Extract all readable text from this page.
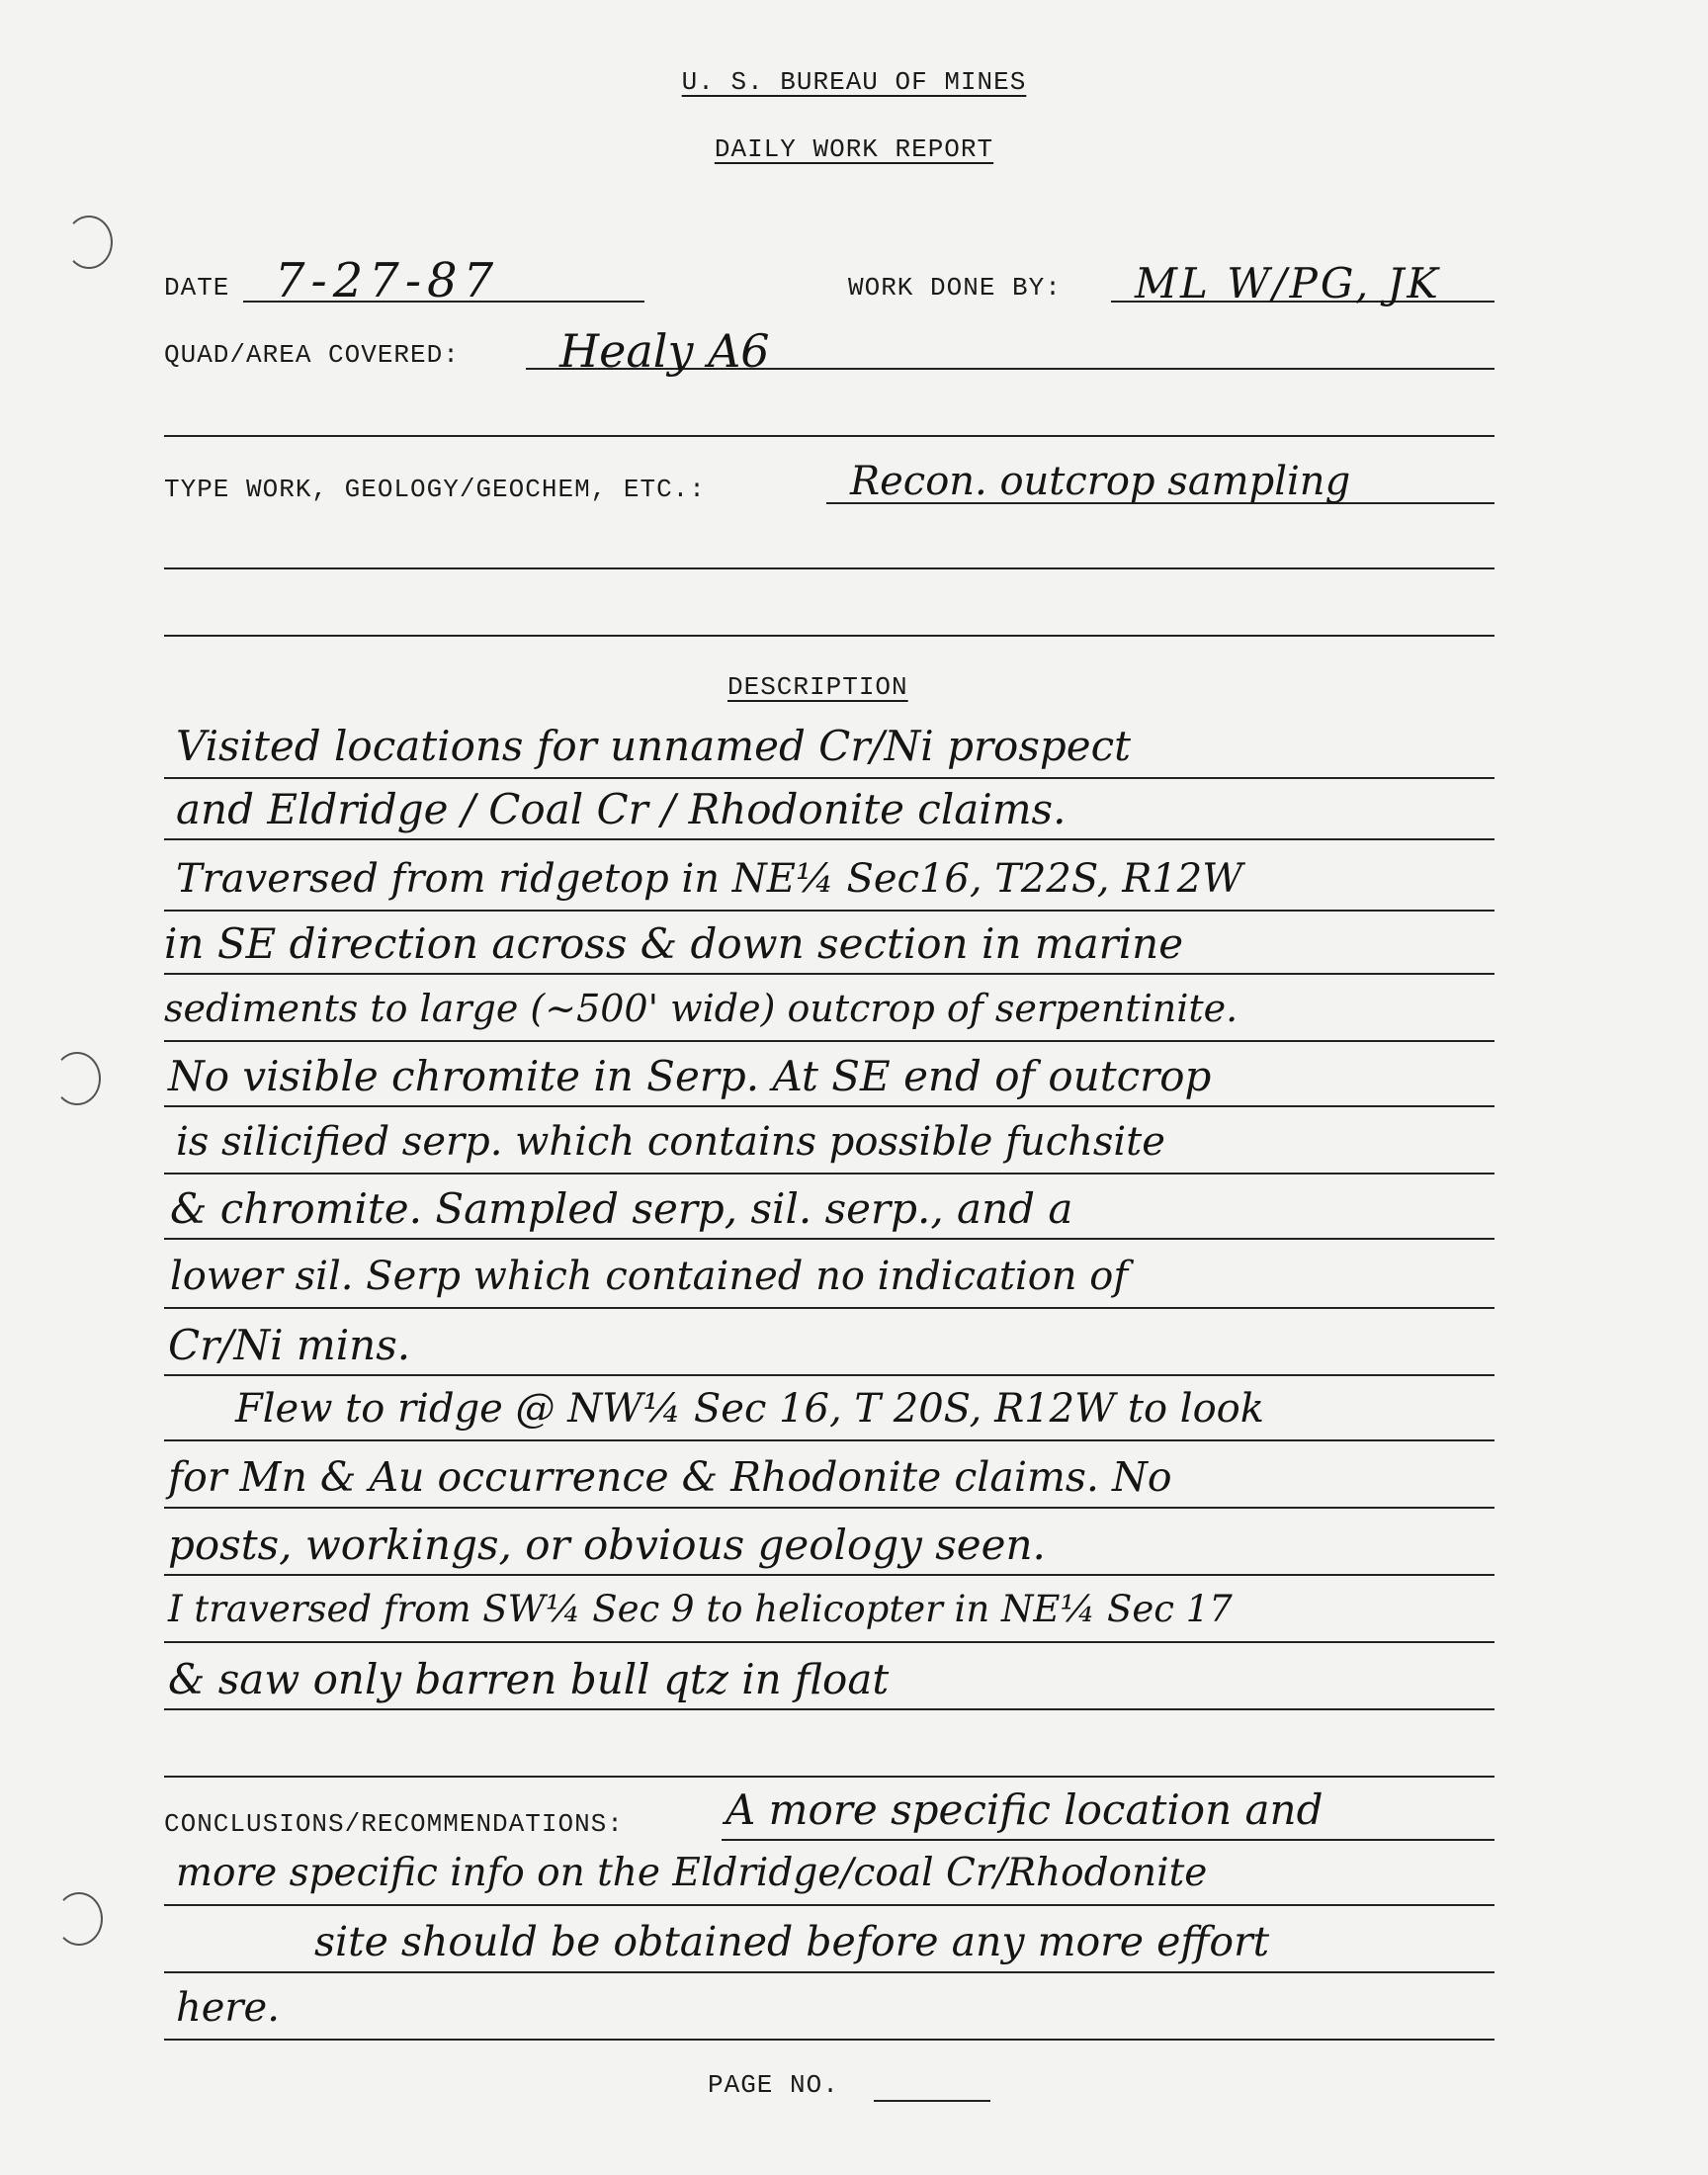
U. S. BUREAU OF MINES
DAILY WORK REPORT
DATE 7-27-87	WORK DONE BY: ML W/PG, JK
QUAD/AREA COVERED: Healy A6
TYPE WORK, GEOLOGY/GEOCHEM, ETC.:	Recon. outcrop sampling
DESCRIPTION
Visited locations for unnamed Cr/Ni prospect
and Eldridge / Coal Cr / Rhodonite claims.
Traversed from ridgetop in NE¼ Sec16, T22S, R12W
in SE direction across & down section in marine
sediments to large (~500' wide) outcrop of serpentinite.
No visible chromite in Serp. At SE end of outcrop
is silicified serp. which contains possible fuchsite
& chromite. Sampled serp, sil. serp., and a
lower sil. Serp which contained no indication of
Cr/Ni mins.
Flew to ridge @ NW¼ Sec 16, T 20S, R12W to look
for Mn & Au occurrence & Rhodonite claims. No
posts, workings, or obvious geology seen.
I traversed from SW¼ Sec 9 to helicopter in NE¼ Sec 17
& saw only barren bull qtz in float
CONCLUSIONS/RECOMMENDATIONS: A more specific location and
more specific info on the Eldridge/coal Cr/Rhodonite
site should be obtained before any more effort
here.
PAGE NO.
